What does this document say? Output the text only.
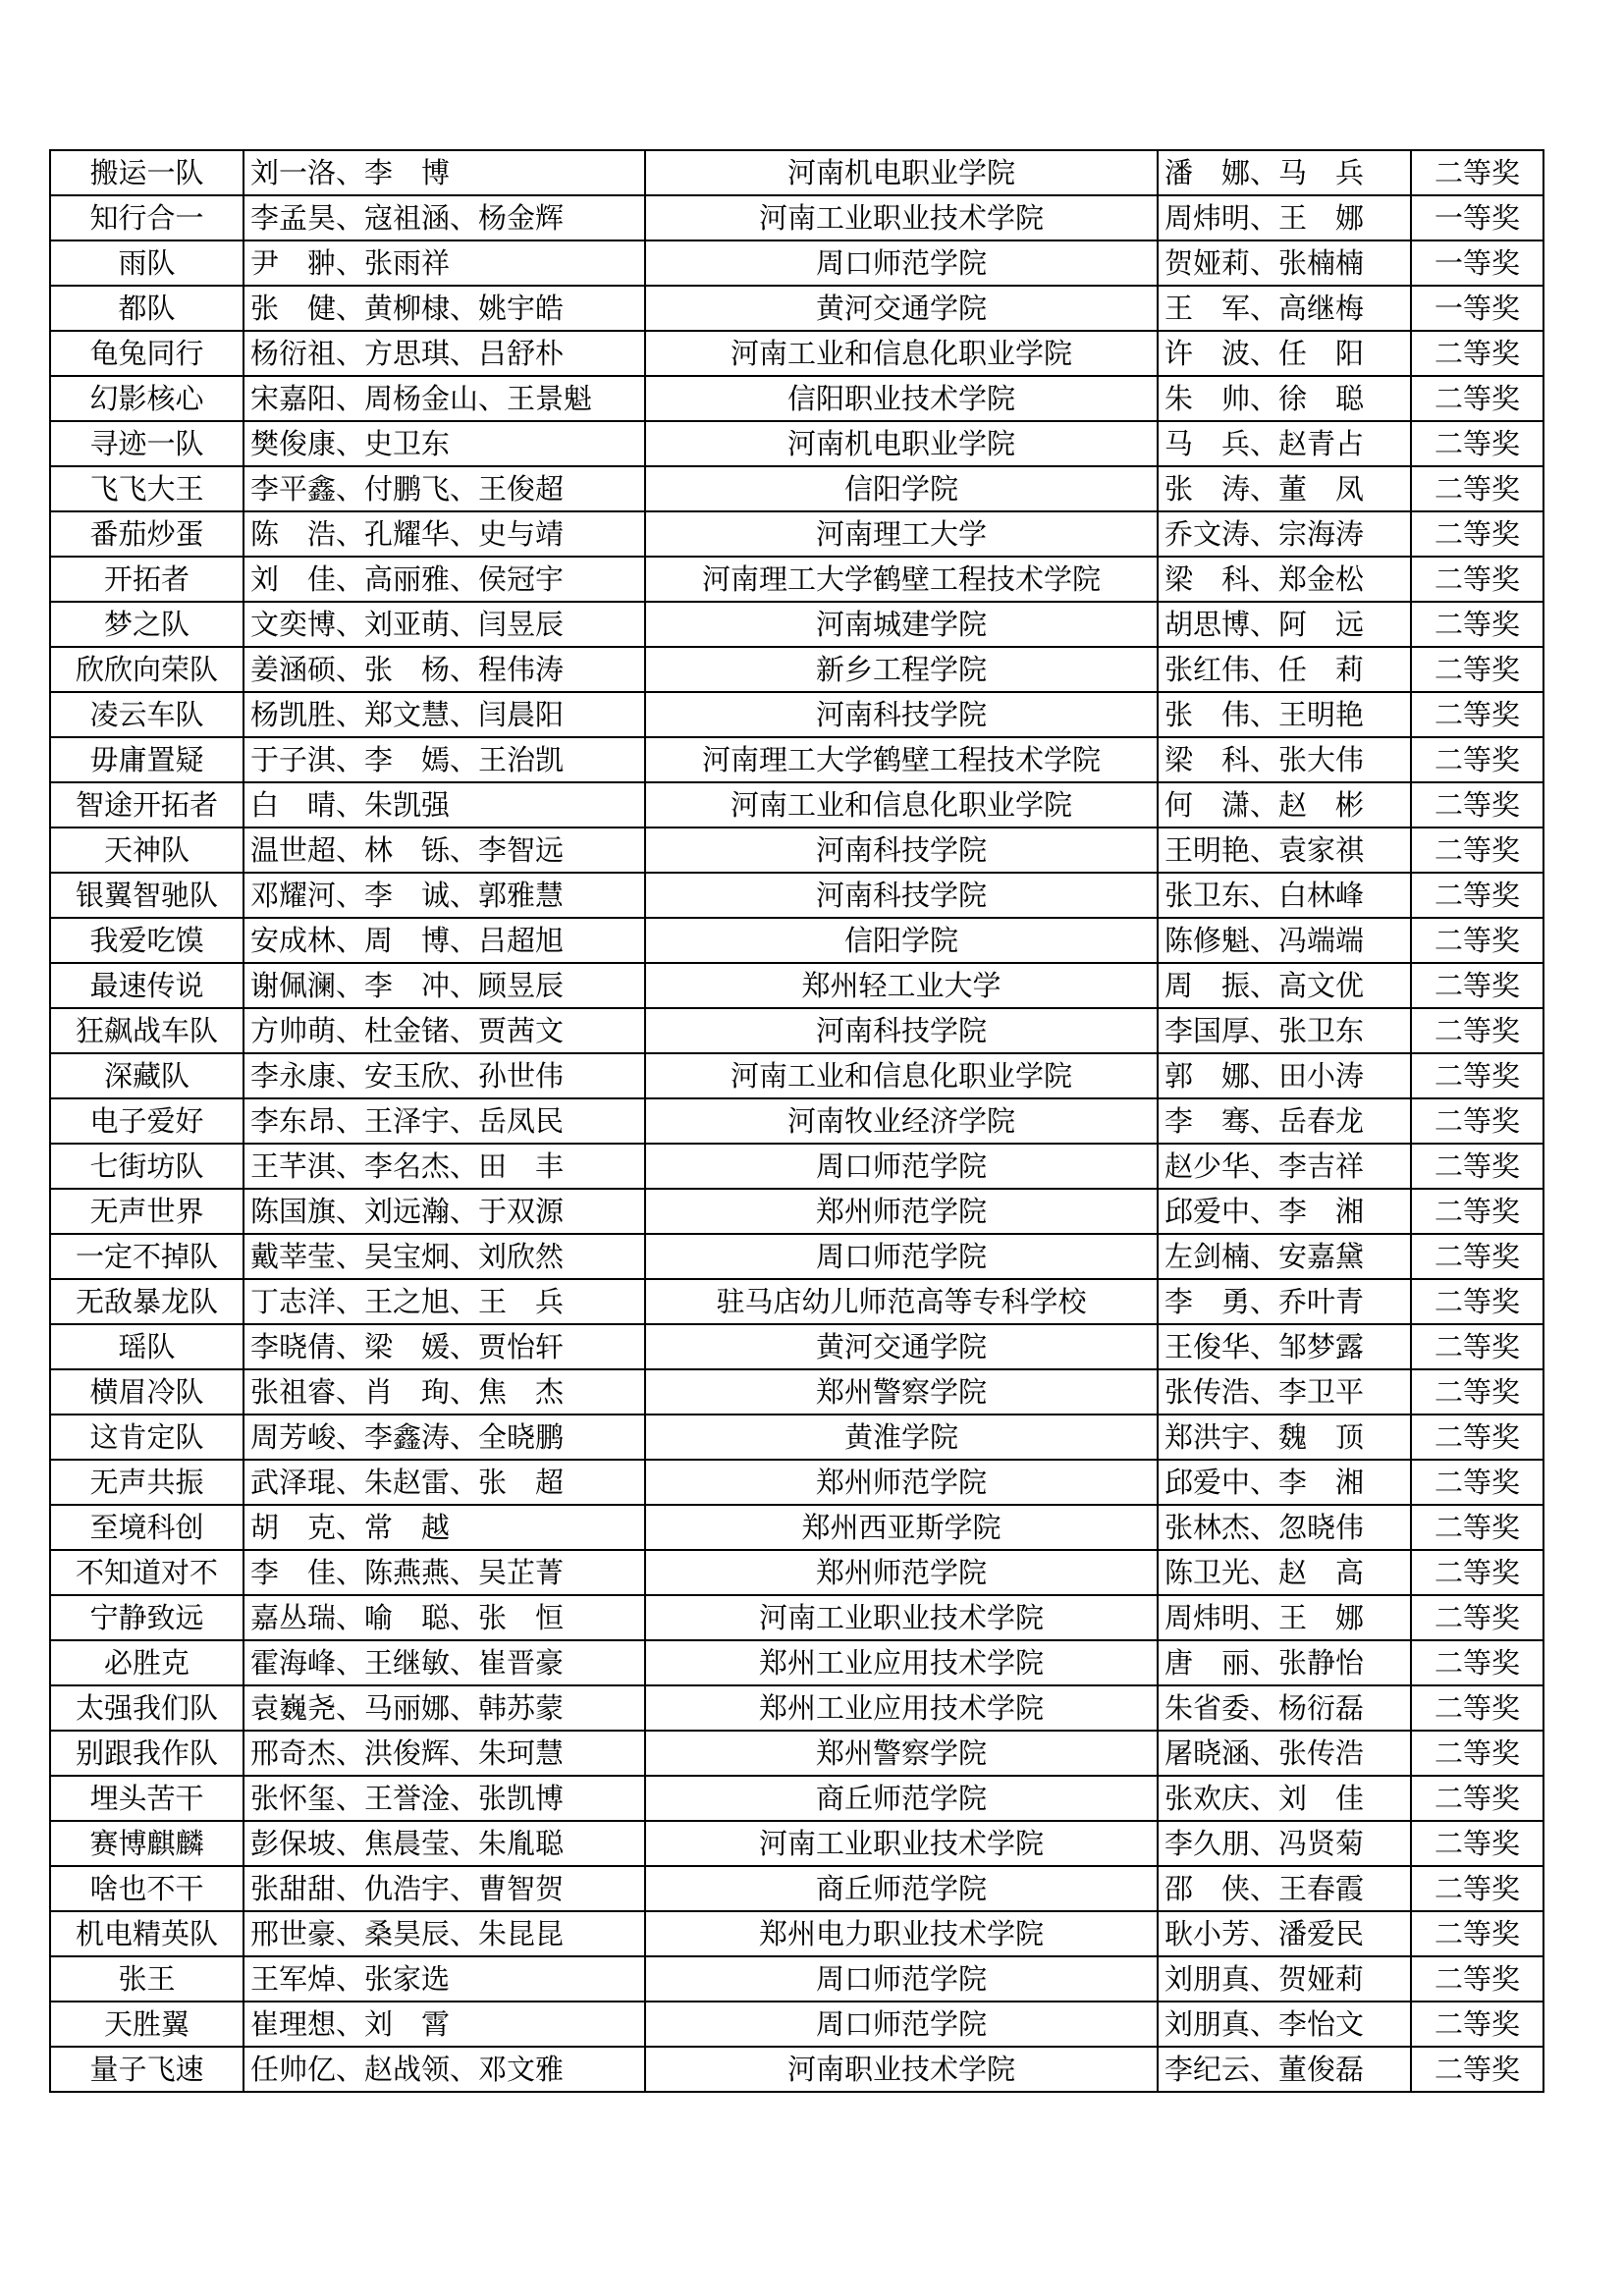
搬运一队	刘一洛、李　博	河南机电职业学院	潘　娜、马　兵	二等奖
知行合一	李孟昊、寇祖涵、杨金辉	河南工业职业技术学院	周炜明、王　娜	一等奖
雨队	尹　翀、张雨祥	周口师范学院	贺娅莉、张楠楠	一等奖
都队	张　健、黄柳棣、姚宇皓	黄河交通学院	王　军、高继梅	一等奖
龟兔同行	杨衍祖、方思琪、吕舒朴	河南工业和信息化职业学院	许　波、任　阳	二等奖
幻影核心	宋嘉阳、周杨金山、王景魁	信阳职业技术学院	朱　帅、徐　聪	二等奖
寻迹一队	樊俊康、史卫东	河南机电职业学院	马　兵、赵青占	二等奖
飞飞大王	李平鑫、付鹏飞、王俊超	信阳学院	张　涛、董　凤	二等奖
番茄炒蛋	陈　浩、孔耀华、史与靖	河南理工大学	乔文涛、宗海涛	二等奖
开拓者	刘　佳、高丽雅、侯冠宇	河南理工大学鹤壁工程技术学院	梁　科、郑金松	二等奖
梦之队	文奕博、刘亚萌、闫昱辰	河南城建学院	胡思博、阿　远	二等奖
欣欣向荣队	姜涵硕、张　杨、程伟涛	新乡工程学院	张红伟、任　莉	二等奖
凌云车队	杨凯胜、郑文慧、闫晨阳	河南科技学院	张　伟、王明艳	二等奖
毋庸置疑	于子淇、李　嫣、王治凯	河南理工大学鹤壁工程技术学院	梁　科、张大伟	二等奖
智途开拓者	白　晴、朱凯强	河南工业和信息化职业学院	何　潇、赵　彬	二等奖
天神队	温世超、林　铄、李智远	河南科技学院	王明艳、袁家祺	二等奖
银翼智驰队	邓耀河、李　诚、郭雅慧	河南科技学院	张卫东、白林峰	二等奖
我爱吃馍	安成林、周　博、吕超旭	信阳学院	陈修魁、冯端端	二等奖
最速传说	谢佩澜、李　冲、顾昱辰	郑州轻工业大学	周　振、高文优	二等奖
狂飙战车队	方帅萌、杜金锗、贾茜文	河南科技学院	李国厚、张卫东	二等奖
深藏队	李永康、安玉欣、孙世伟	河南工业和信息化职业学院	郭　娜、田小涛	二等奖
电子爱好	李东昂、王泽宇、岳凤民	河南牧业经济学院	李　骞、岳春龙	二等奖
七街坊队	王芊淇、李名杰、田　丰	周口师范学院	赵少华、李吉祥	二等奖
无声世界	陈国旗、刘远瀚、于双源	郑州师范学院	邱爱中、李　湘	二等奖
一定不掉队	戴莘莹、吴宝炯、刘欣然	周口师范学院	左剑楠、安嘉黛	二等奖
无敌暴龙队	丁志洋、王之旭、王　兵	驻马店幼儿师范高等专科学校	李　勇、乔叶青	二等奖
瑶队	李晓倩、梁　媛、贾怡轩	黄河交通学院	王俊华、邹梦露	二等奖
横眉冷队	张祖睿、肖　珣、焦　杰	郑州警察学院	张传浩、李卫平	二等奖
这肯定队	周芳峻、李鑫涛、全晓鹏	黄淮学院	郑洪宇、魏　顶	二等奖
无声共振	武泽琨、朱赵雷、张　超	郑州师范学院	邱爱中、李　湘	二等奖
至境科创	胡　克、常　越	郑州西亚斯学院	张林杰、忽晓伟	二等奖
不知道对不	李　佳、陈燕燕、吴芷菁	郑州师范学院	陈卫光、赵　高	二等奖
宁静致远	嘉丛瑞、喻　聪、张　恒	河南工业职业技术学院	周炜明、王　娜	二等奖
必胜克	霍海峰、王继敏、崔晋豪	郑州工业应用技术学院	唐　丽、张静怡	二等奖
太强我们队	袁巍尧、马丽娜、韩苏蒙	郑州工业应用技术学院	朱省委、杨衍磊	二等奖
别跟我作队	邢奇杰、洪俊辉、朱珂慧	郑州警察学院	屠晓涵、张传浩	二等奖
埋头苦干	张怀玺、王誉淦、张凯博	商丘师范学院	张欢庆、刘　佳	二等奖
赛博麒麟	彭保坡、焦晨莹、朱胤聪	河南工业职业技术学院	李久朋、冯贤菊	二等奖
啥也不干	张甜甜、仇浩宇、曹智贺	商丘师范学院	邵　侠、王春霞	二等奖
机电精英队	邢世豪、桑昊辰、朱昆昆	郑州电力职业技术学院	耿小芳、潘爱民	二等奖
张王	王军焯、张家选	周口师范学院	刘朋真、贺娅莉	二等奖
天胜翼	崔理想、刘　霄	周口师范学院	刘朋真、李怡文	二等奖
量子飞速	任帅亿、赵战领、邓文雅	河南职业技术学院	李纪云、董俊磊	二等奖
